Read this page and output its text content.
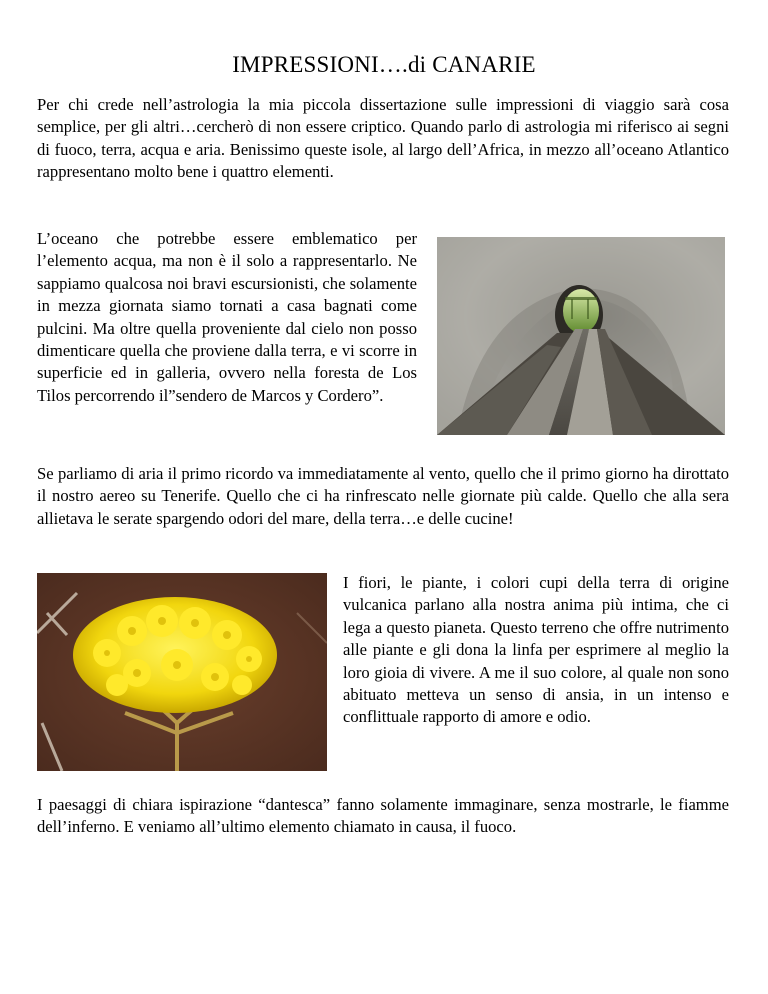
IMPRESSIONI….di CANARIE

Per chi crede nell’astrologia la mia piccola dissertazione sulle impressioni di viaggio sarà cosa semplice, per gli altri…cercherò di non essere criptico. Quando parlo di astrologia mi riferisco ai segni di fuoco, terra, acqua e aria. Benissimo queste isole, al largo dell’Africa, in mezzo all’oceano Atlantico rappresentano molto bene i quattro elementi.

L’oceano che potrebbe essere emblematico per l’elemento acqua, ma non è il solo a rappresentarlo. Ne sappiamo qualcosa noi bravi escursionisti, che solamente in mezza giornata siamo tornati a casa bagnati come pulcini. Ma oltre quella proveniente dal cielo non posso dimenticare quella che proviene dalla terra, e vi scorre in superficie ed in galleria, ovvero nella foresta de Los Tilos percorrendo il”sendero de Marcos y Cordero”.

Se parliamo di aria il primo ricordo va immediatamente al vento, quello che il primo giorno ha dirottato il nostro aereo su Tenerife. Quello che ci ha rinfrescato nelle giornate più calde. Quello che alla sera allietava le serate spargendo odori del mare, della terra…e delle cucine!

I fiori, le piante, i colori cupi della terra di origine vulcanica parlano alla nostra anima più intima, che ci lega a questo pianeta. Questo terreno che offre nutrimento alle piante e gli dona la linfa per esprimere al meglio la loro gioia di vivere. A me il suo colore, al quale non sono abituato metteva un senso di ansia, in un intenso e conflittuale rapporto di amore e odio.

I paesaggi di chiara ispirazione “dantesca” fanno solamente immaginare, senza mostrarle, le fiamme dell’inferno. E veniamo all’ultimo elemento chiamato in causa, il fuoco.
